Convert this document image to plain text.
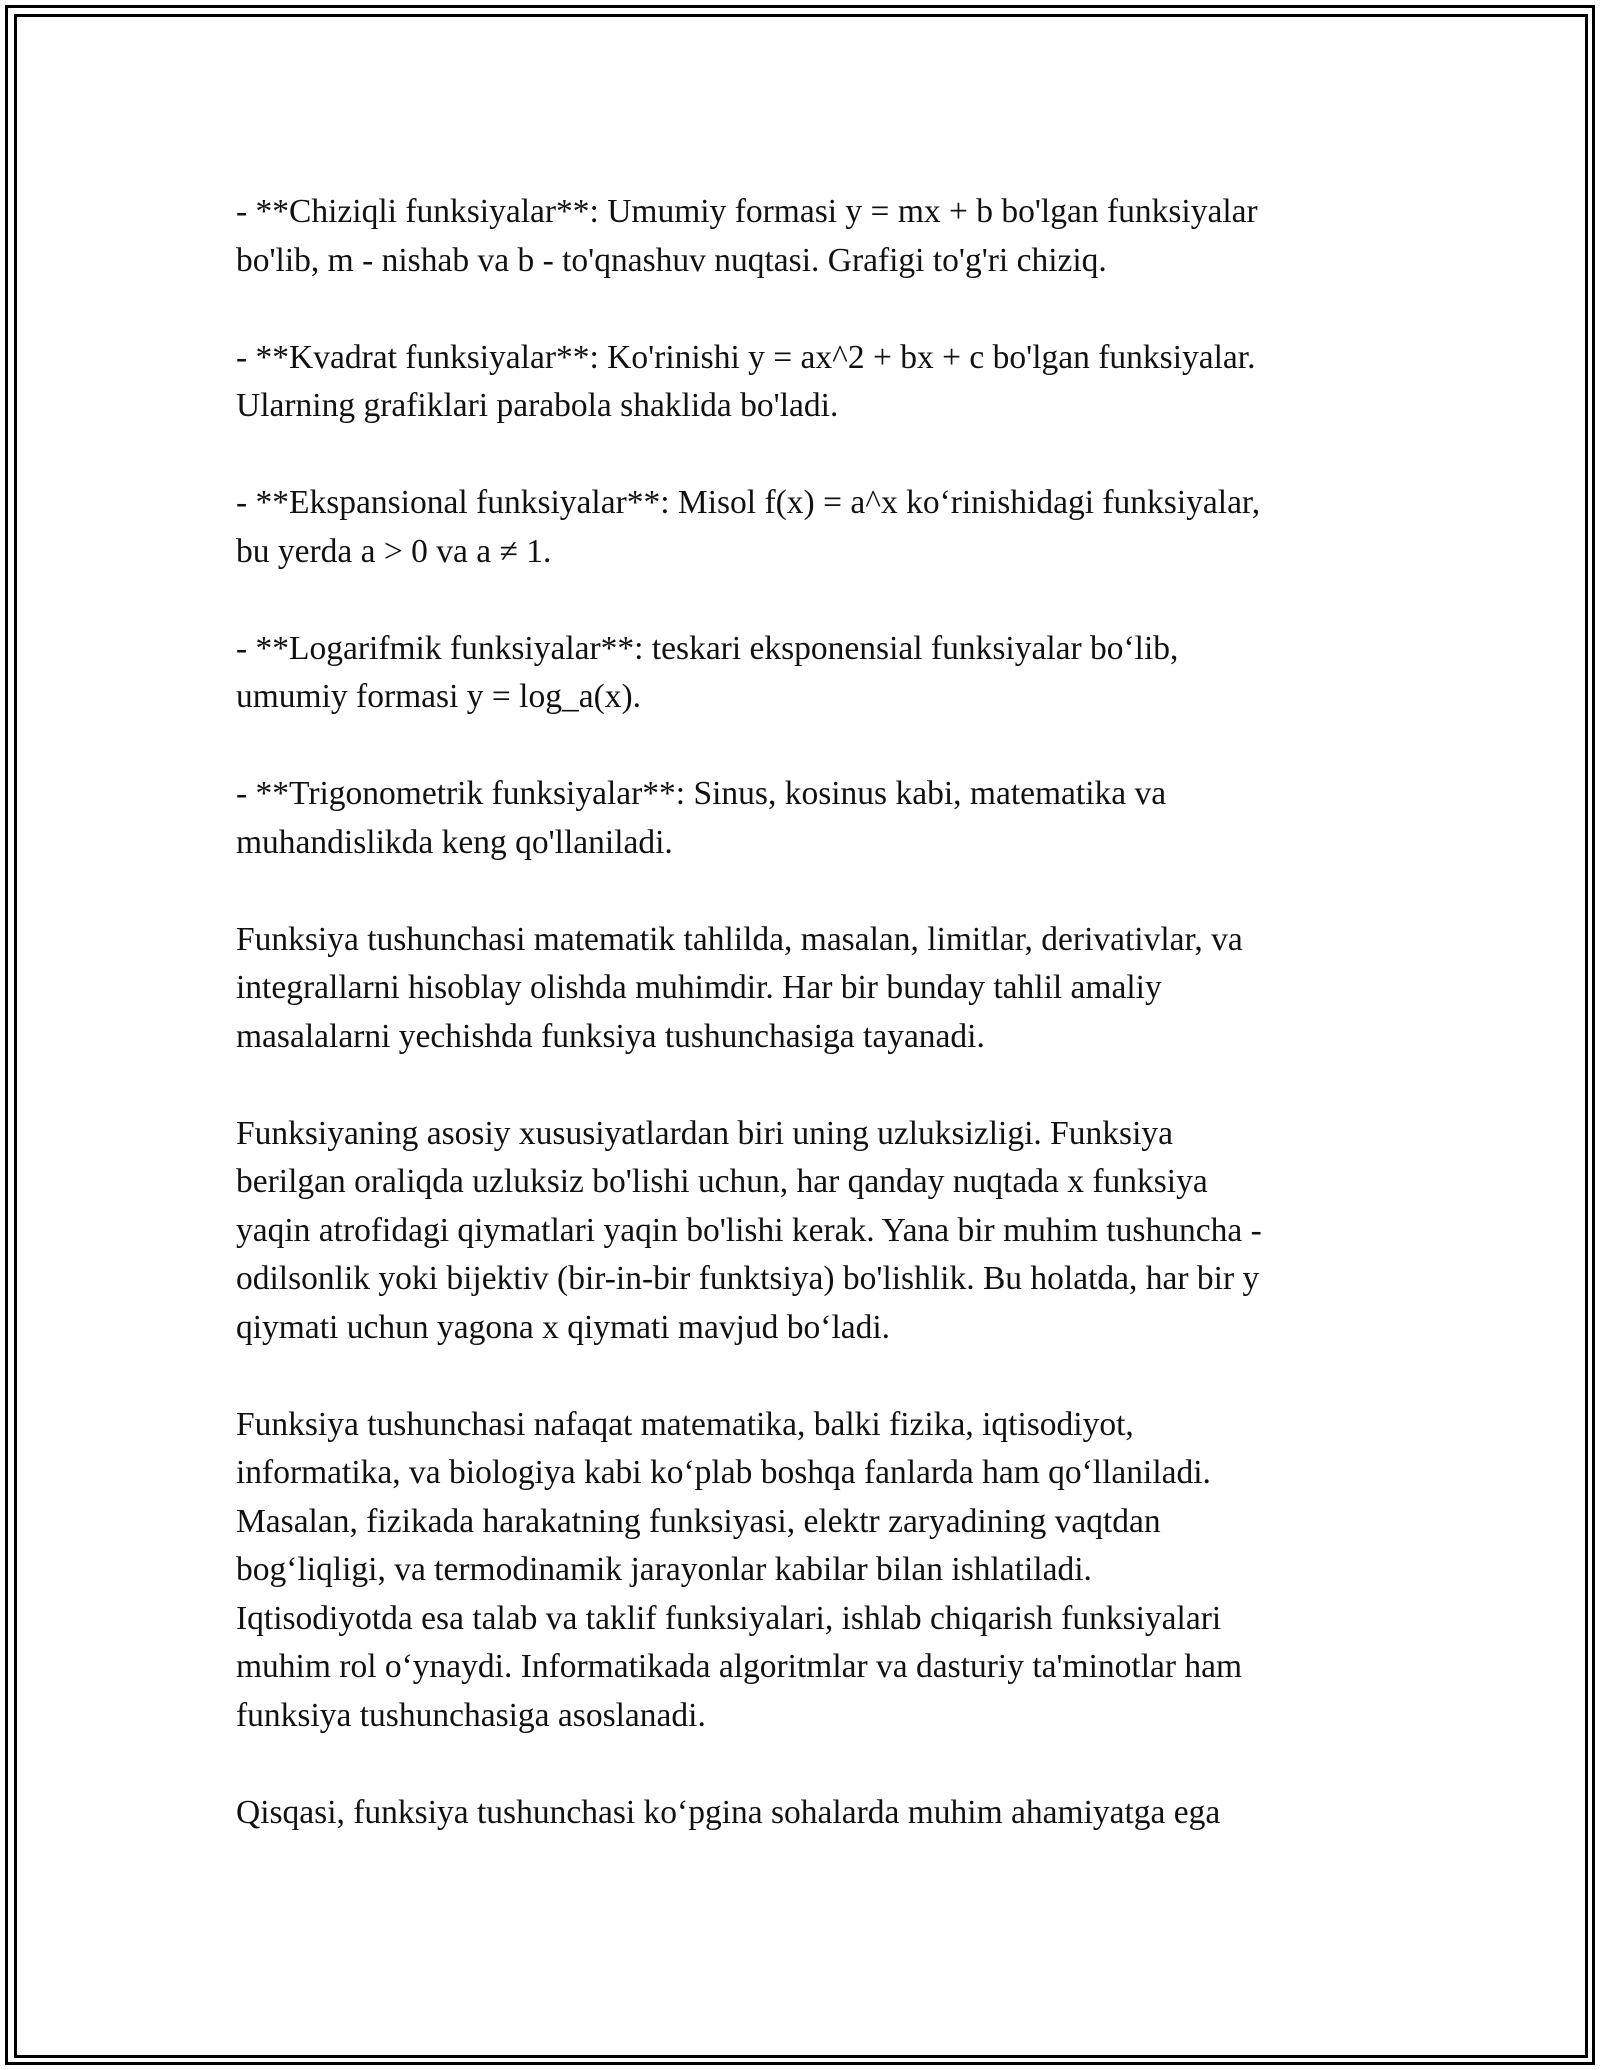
- **Chiziqli funksiyalar**: Umumiy formasi y = mx + b bo'lgan funksiyalar
bo'lib, m - nishab va b - to'qnashuv nuqtasi. Grafigi to'g'ri chiziq.

- **Kvadrat funksiyalar**: Ko'rinishi y = ax^2 + bx + c bo'lgan funksiyalar.
Ularning grafiklari parabola shaklida bo'ladi.

- **Ekspansional funksiyalar**: Misol f(x) = a^x ko‘rinishidagi funksiyalar,
bu yerda a > 0 va a ≠ 1.

- **Logarifmik funksiyalar**: teskari eksponensial funksiyalar bo‘lib,
umumiy formasi y = log_a(x).

- **Trigonometrik funksiyalar**: Sinus, kosinus kabi, matematika va
muhandislikda keng qo'llaniladi.

Funksiya tushunchasi matematik tahlilda, masalan, limitlar, derivativlar, va
integrallarni hisoblay olishda muhimdir. Har bir bunday tahlil amaliy
masalalarni yechishda funksiya tushunchasiga tayanadi.

Funksiyaning asosiy xususiyatlardan biri uning uzluksizligi. Funksiya
berilgan oraliqda uzluksiz bo'lishi uchun, har qanday nuqtada x funksiya
yaqin atrofidagi qiymatlari yaqin bo'lishi kerak. Yana bir muhim tushuncha -
odilsonlik yoki bijektiv (bir-in-bir funktsiya) bo'lishlik. Bu holatda, har bir y
qiymati uchun yagona x qiymati mavjud bo‘ladi.

Funksiya tushunchasi nafaqat matematika, balki fizika, iqtisodiyot,
informatika, va biologiya kabi ko‘plab boshqa fanlarda ham qo‘llaniladi.
Masalan, fizikada harakatning funksiyasi, elektr zaryadining vaqtdan
bog‘liqligi, va termodinamik jarayonlar kabilar bilan ishlatiladi.
Iqtisodiyotda esa talab va taklif funksiyalari, ishlab chiqarish funksiyalari
muhim rol o‘ynaydi. Informatikada algoritmlar va dasturiy ta'minotlar ham
funksiya tushunchasiga asoslanadi.

Qisqasi, funksiya tushunchasi ko‘pgina sohalarda muhim ahamiyatga ega
